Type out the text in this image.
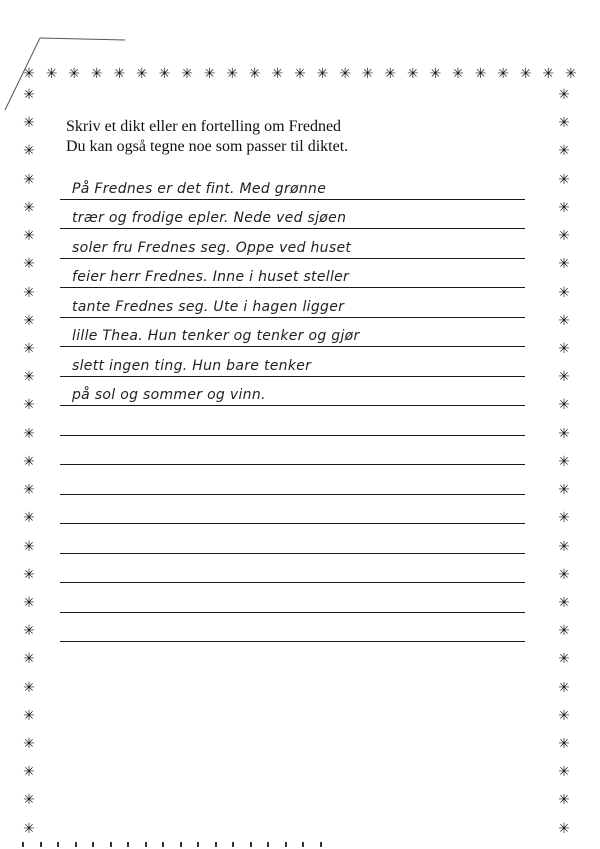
✳ ✳ ✳ ✳ ✳ ✳ ✳ ✳ ✳ ✳ ✳ ✳ ✳ ✳ ✳ ✳ ✳ ✳ ✳ ✳ ✳ ✳ ✳ ✳ ✳
✳
✳
✳
✳
✳
✳
✳
✳
✳
✳
✳
✳
✳
✳
✳
✳
✳
✳
✳
✳
✳
✳
✳
✳
✳
✳
✳
✳
✳
✳
✳
✳
✳
✳
✳
✳
✳
✳
✳
✳
✳
✳
✳
✳
✳
✳
✳
✳
✳
✳
✳
✳
✳
✳
Skriv et dikt eller en fortelling om Fredned
Du kan også tegne noe som passer til diktet.
På Frednes er det fint. Med grønne
trær og frodige epler. Nede ved sjøen
soler fru Frednes seg. Oppe ved huset
feier herr Frednes. Inne i huset steller
tante Frednes seg. Ute i hagen ligger
lille Thea. Hun tenker og tenker og gjør
slett ingen ting. Hun bare tenker
på sol og sommer og vinn.
